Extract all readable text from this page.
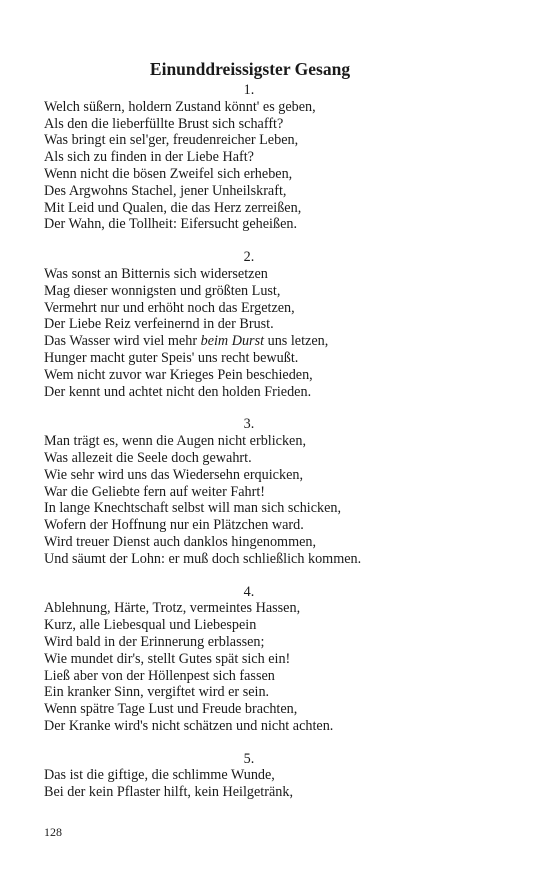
Einunddreissigster Gesang
1.
Welch süßern, holdern Zustand könnt' es geben,
Als den die lieberfüllte Brust sich schafft?
Was bringt ein sel'ger, freudenreicher Leben,
Als sich zu finden in der Liebe Haft?
Wenn nicht die bösen Zweifel sich erheben,
Des Argwohns Stachel, jener Unheilskraft,
Mit Leid und Qualen, die das Herz zerreißen,
Der Wahn, die Tollheit: Eifersucht geheißen.
2.
Was sonst an Bitternis sich widersetzen
Mag dieser wonnigsten und größten Lust,
Vermehrt nur und erhöht noch das Ergetzen,
Der Liebe Reiz verfeinernd in der Brust.
Das Wasser wird viel mehr beim Durst uns letzen,
Hunger macht guter Speis' uns recht bewußt.
Wem nicht zuvor war Krieges Pein beschieden,
Der kennt und achtet nicht den holden Frieden.
3.
Man trägt es, wenn die Augen nicht erblicken,
Was allezeit die Seele doch gewahrt.
Wie sehr wird uns das Wiedersehn erquicken,
War die Geliebte fern auf weiter Fahrt!
In lange Knechtschaft selbst will man sich schicken,
Wofern der Hoffnung nur ein Plätzchen ward.
Wird treuer Dienst auch danklos hingenommen,
Und säumt der Lohn: er muß doch schließlich kommen.
4.
Ablehnung, Härte, Trotz, vermeintes Hassen,
Kurz, alle Liebesqual und Liebespein
Wird bald in der Erinnerung erblassen;
Wie mundet dir's, stellt Gutes spät sich ein!
Ließ aber von der Höllenpest sich fassen
Ein kranker Sinn, vergiftet wird er sein.
Wenn spätre Tage Lust und Freude brachten,
Der Kranke wird's nicht schätzen und nicht achten.
5.
Das ist die giftige, die schlimme Wunde,
Bei der kein Pflaster hilft, kein Heilgetränk,
128
